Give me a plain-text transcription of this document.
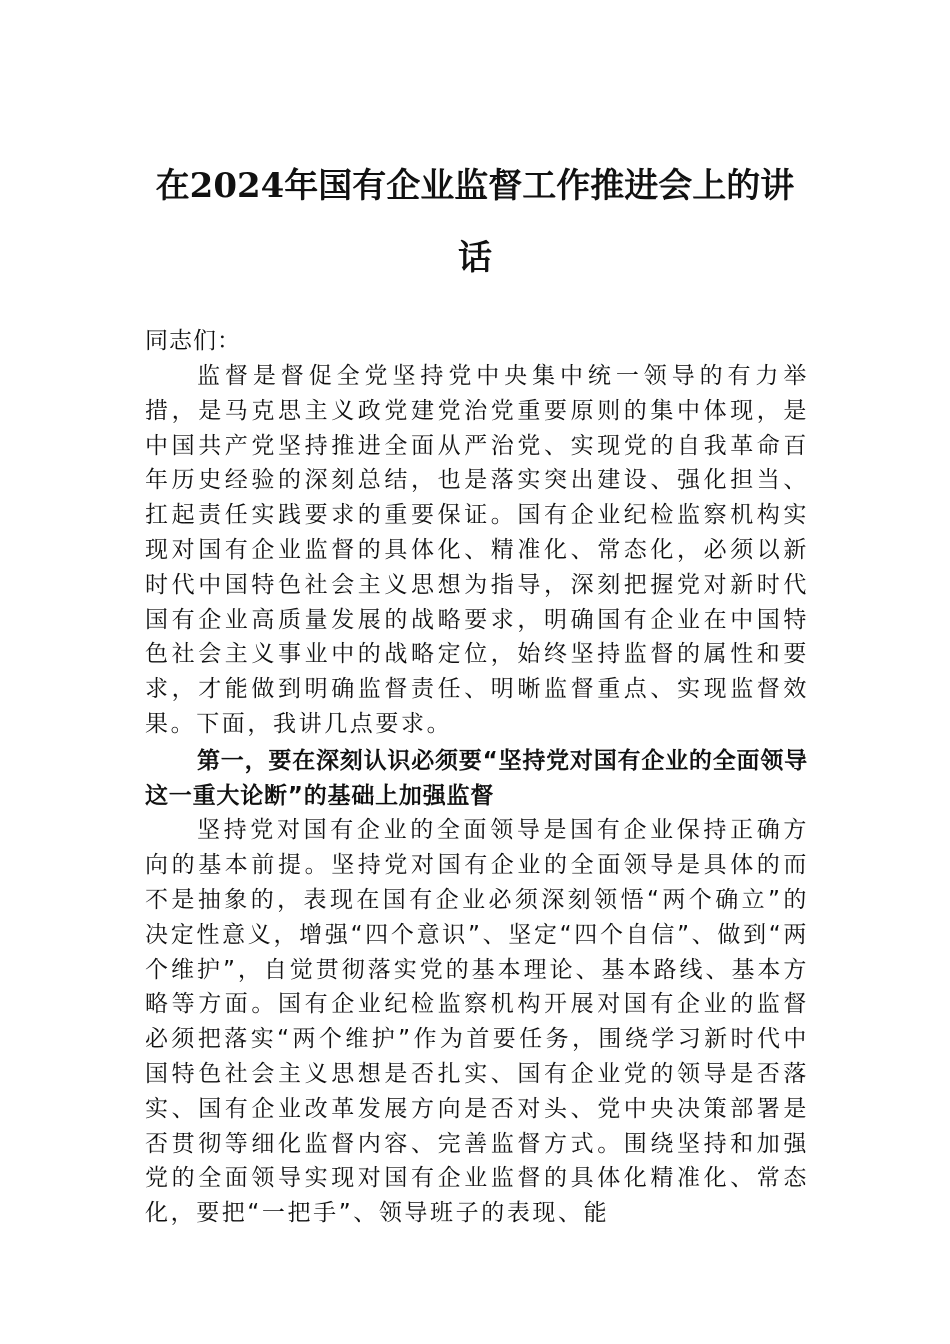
在2024年国有企业监督工作推进会上的讲话

同志们：

监督是督促全党坚持党中央集中统一领导的有力举措，是马克思主义政党建党治党重要原则的集中体现，是中国共产党坚持推进全面从严治党、实现党的自我革命百年历史经验的深刻总结，也是落实突出建设、强化担当、扛起责任实践要求的重要保证。国有企业纪检监察机构实现对国有企业监督的具体化、精准化、常态化，必须以新时代中国特色社会主义思想为指导，深刻把握党对新时代国有企业高质量发展的战略要求，明确国有企业在中国特色社会主义事业中的战略定位，始终坚持监督的属性和要求，才能做到明确监督责任、明晰监督重点、实现监督效果。下面，我讲几点要求。

第一，要在深刻认识必须要“坚持党对国有企业的全面领导这一重大论断”的基础上加强监督

坚持党对国有企业的全面领导是国有企业保持正确方向的基本前提。坚持党对国有企业的全面领导是具体的而不是抽象的，表现在国有企业必须深刻领悟“两个确立”的决定性意义，增强“四个意识”、坚定“四个自信”、做到“两个维护”，自觉贯彻落实党的基本理论、基本路线、基本方略等方面。国有企业纪检监察机构开展对国有企业的监督必须把落实“两个维护”作为首要任务，围绕学习新时代中国特色社会主义思想是否扎实、国有企业党的领导是否落实、国有企业改革发展方向是否对头、党中央决策部署是否贯彻等细化监督内容、完善监督方式。围绕坚持和加强党的全面领导实现对国有企业监督的具体化精准化、常态化，要把“一把手”、领导班子的表现、能
